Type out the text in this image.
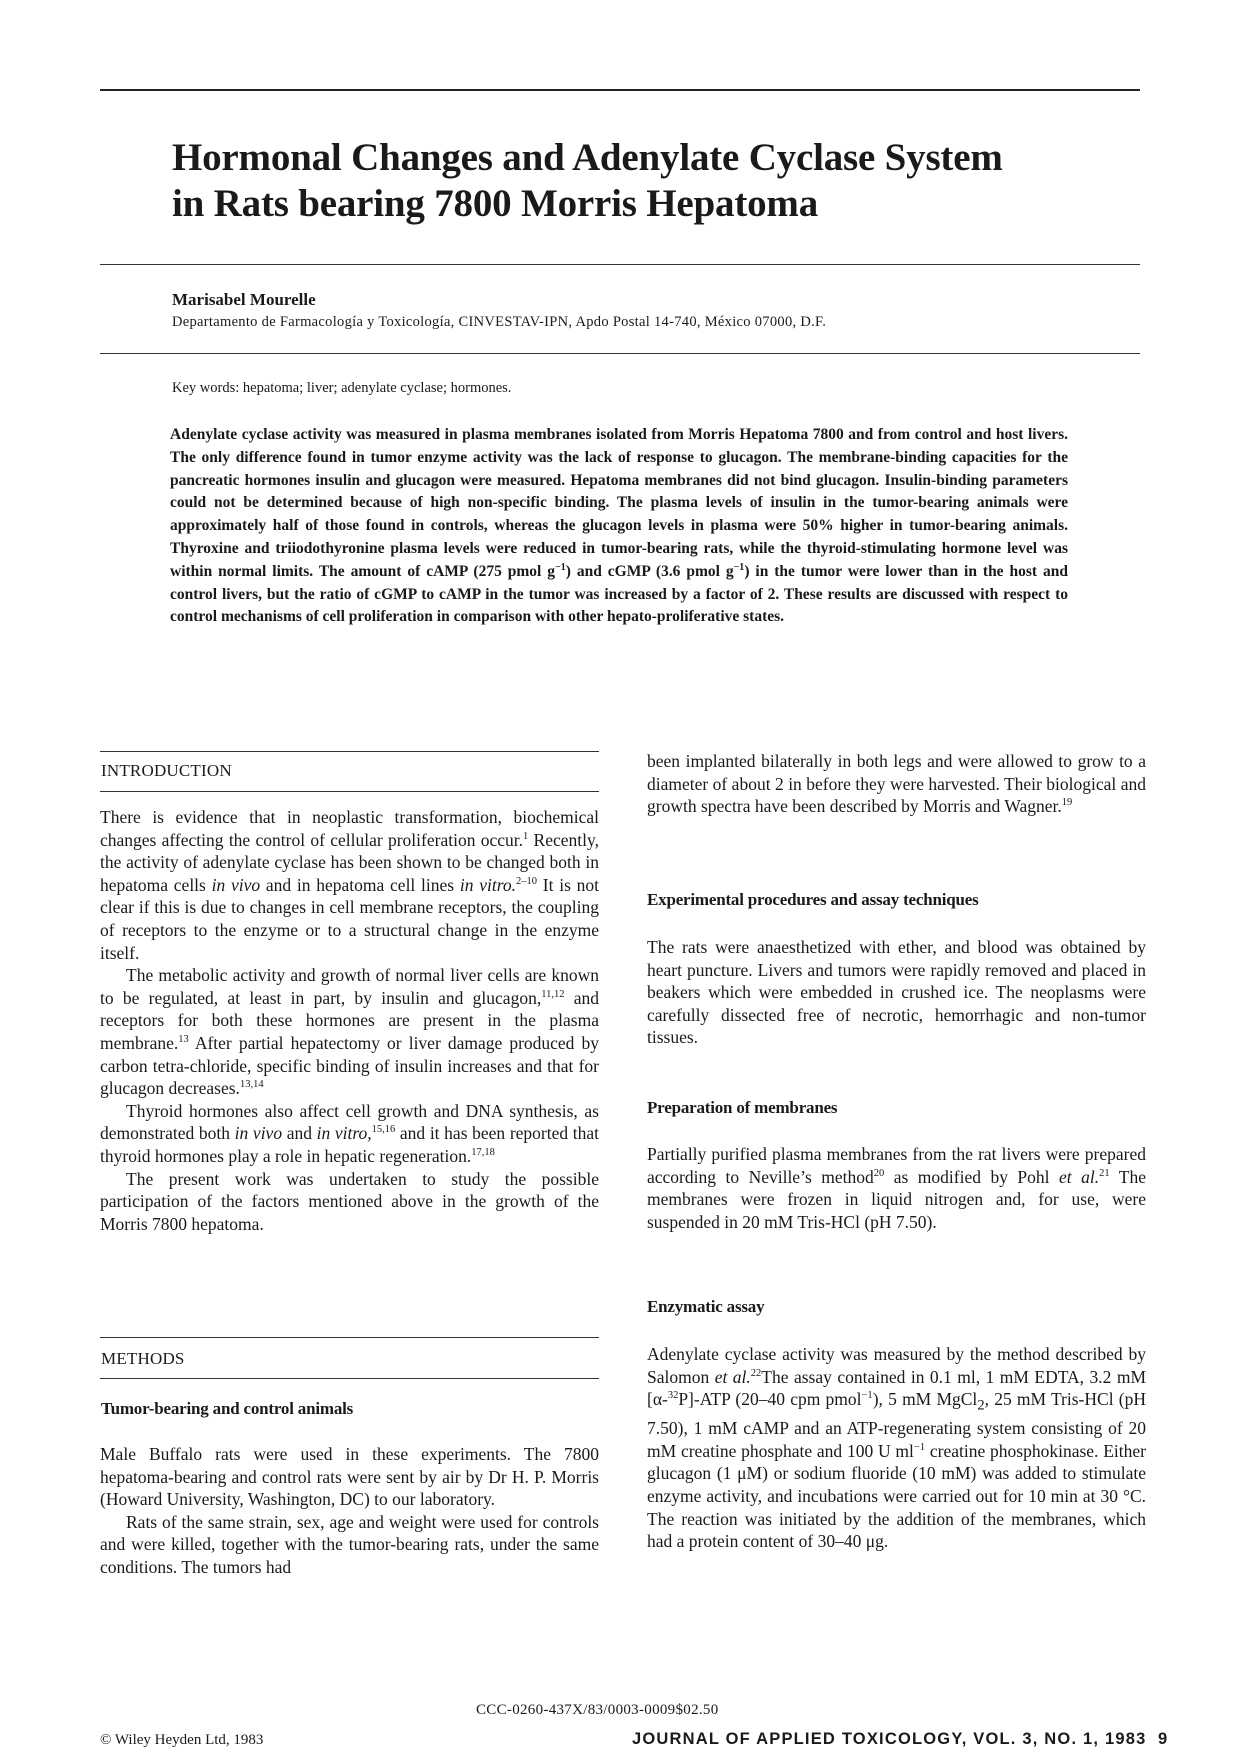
Hormonal Changes and Adenylate Cyclase System
in Rats bearing 7800 Morris Hepatoma

Marisabel Mourelle

Departamento de Farmacología y Toxicología, CINVESTAV-IPN, Apdo Postal 14-740, México 07000, D.F.

Key words: hepatoma; liver; adenylate cyclase; hormones.

Adenylate cyclase activity was measured in plasma membranes isolated from Morris Hepatoma 7800 and from control and host livers. The only difference found in tumor enzyme activity was the lack of response to glucagon. The membrane-binding capacities for the pancreatic hormones insulin and glucagon were measured. Hepatoma membranes did not bind glucagon. Insulin-binding parameters could not be determined because of high non-specific binding. The plasma levels of insulin in the tumor-bearing animals were approximately half of those found in controls, whereas the glucagon levels in plasma were 50% higher in tumor-bearing animals. Thyroxine and triiodothyronine plasma levels were reduced in tumor-bearing rats, while the thyroid-stimulating hormone level was within normal limits. The amount of cAMP (275 pmol $g^{-1}$) and cGMP (3.6 pmol $g^{-1}$) in the tumor were lower than in the host and control livers, but the ratio of cGMP to cAMP in the tumor was increased by a factor of 2. These results are discussed with respect to control mechanisms of cell proliferation in comparison with other hepato-proliferative states.

INTRODUCTION

There is evidence that in neoplastic transformation, biochemical changes affecting the control of cellular proliferation occur.$^1$ Recently, the activity of adenylate cyclase has been shown to be changed both in hepatoma cells in vivo and in hepatoma cell lines in vitro.$^{2-10}$ It is not clear if this is due to changes in cell membrane receptors, the coupling of receptors to the enzyme or to a structural change in the enzyme itself.

The metabolic activity and growth of normal liver cells are known to be regulated, at least in part, by insulin and glucagon,$^{11,12}$ and receptors for both these hormones are present in the plasma membrane.$^{13}$ After partial hepatectomy or liver damage produced by carbon tetra-chloride, specific binding of insulin increases and that for glucagon decreases.$^{13,14}$

Thyroid hormones also affect cell growth and DNA synthesis, as demonstrated both in vivo and in vitro,$^{15,16}$ and it has been reported that thyroid hormones play a role in hepatic regeneration.$^{17,18}$

The present work was undertaken to study the possible participation of the factors mentioned above in the growth of the Morris 7800 hepatoma.

METHODS

Tumor-bearing and control animals

Male Buffalo rats were used in these experiments. The 7800 hepatoma-bearing and control rats were sent by air by Dr H. P. Morris (Howard University, Washington, DC) to our laboratory.

Rats of the same strain, sex, age and weight were used for controls and were killed, together with the tumor-bearing rats, under the same conditions. The tumors had

been implanted bilaterally in both legs and were allowed to grow to a diameter of about 2 in before they were harvested. Their biological and growth spectra have been described by Morris and Wagner.$^{19}$

Experimental procedures and assay techniques

The rats were anaesthetized with ether, and blood was obtained by heart puncture. Livers and tumors were rapidly removed and placed in beakers which were embedded in crushed ice. The neoplasms were carefully dissected free of necrotic, hemorrhagic and non-tumor tissues.

Preparation of membranes

Partially purified plasma membranes from the rat livers were prepared according to Neville’s method$^{20}$ as modified by Pohl et al.$^{21}$ The membranes were frozen in liquid nitrogen and, for use, were suspended in 20 mM Tris-HCl (pH 7.50).

Enzymatic assay

Adenylate cyclase activity was measured by the method described by Salomon et al.$^{22}$The assay contained in 0.1 ml, 1 mM EDTA, 3.2 mM [α-$^{32}$P]-ATP (20–40 cpm pmol$^{-1}$), 5 mM MgCl$_2$, 25 mM Tris-HCl (pH 7.50), 1 mM cAMP and an ATP-regenerating system consisting of 20 mM creatine phosphate and 100 U $ml^{-1}$ creatine phosphokinase. Either glucagon (1 μM) or sodium fluoride (10 mM) was added to stimulate enzyme activity, and incubations were carried out for 10 min at 30 °C. The reaction was initiated by the addition of the membranes, which had a protein content of 30–40 μg.

CCC-0260-437X/83/0003-0009$02.50
© Wiley Heyden Ltd, 1983	JOURNAL OF APPLIED TOXICOLOGY, VOL. 3, NO. 1, 1983 9
